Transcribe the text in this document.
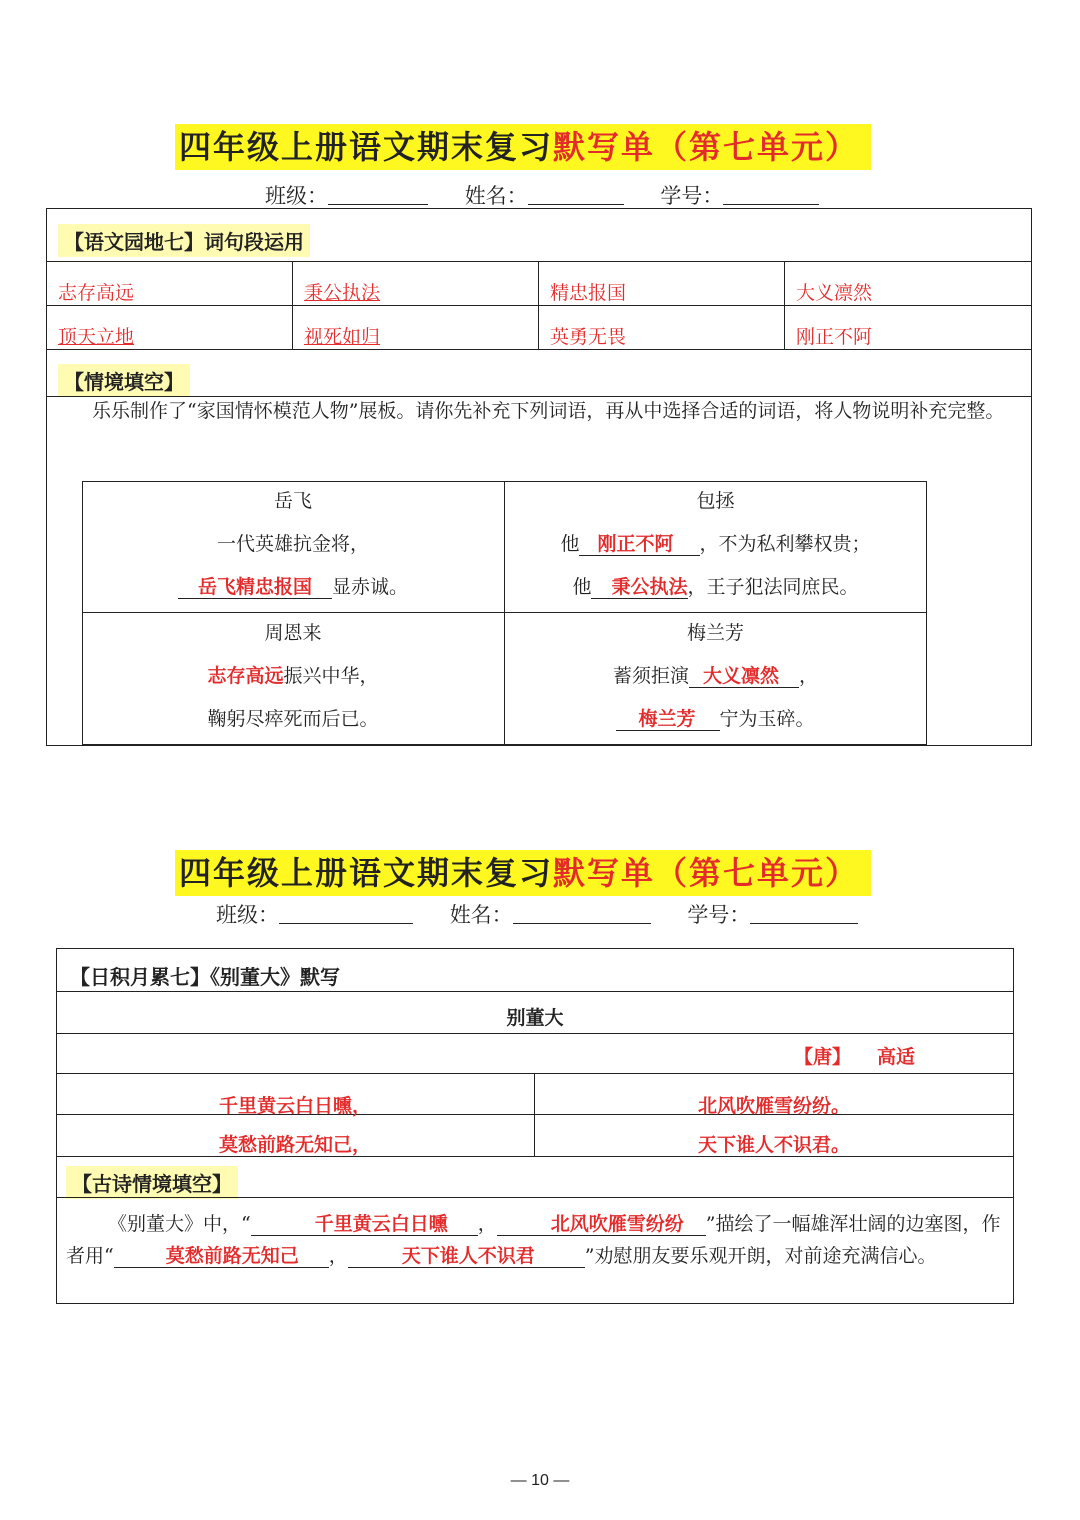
四年级上册语文期末复习默写单（第七单元）
班级：	姓名：	学号：
【语文园地七】词句段运用
志存高远	秉公执法	精忠报国	大义凛然
顶天立地	视死如归	英勇无畏	刚正不阿
【情境填空】
乐乐制作了“家国情怀模范人物”展板。请你先补充下列词语，再从中选择合适的词语，将人物说明补充完整。
岳飞
一代英雄抗金将，
岳飞精忠报国 显赤诚。
包拯
他 刚正不阿 ，不为私利攀权贵；
他 秉公执法，王子犯法同庶民。
周恩来
志存高远振兴中华，
鞠躬尽瘁死而后已。
梅兰芳
蓄须拒演 大义凛然 ，
梅兰芳 宁为玉碎。
四年级上册语文期末复习默写单（第七单元）
班级：	姓名：	学号：
【日积月累七】《别董大》默写
别董大
【唐】 高适
千里黄云白日曛，	北风吹雁雪纷纷。
莫愁前路无知己，	天下谁人不识君。
【古诗情境填空】
《别董大》中，“	千里黄云白日曛 ，	北风吹雁雪纷纷 ”描绘了一幅雄浑壮阔的边塞图，作者用“	莫愁前路无知己 ，	天下谁人不识君	”劝慰朋友要乐观开朗，对前途充满信心。
— 10 —
